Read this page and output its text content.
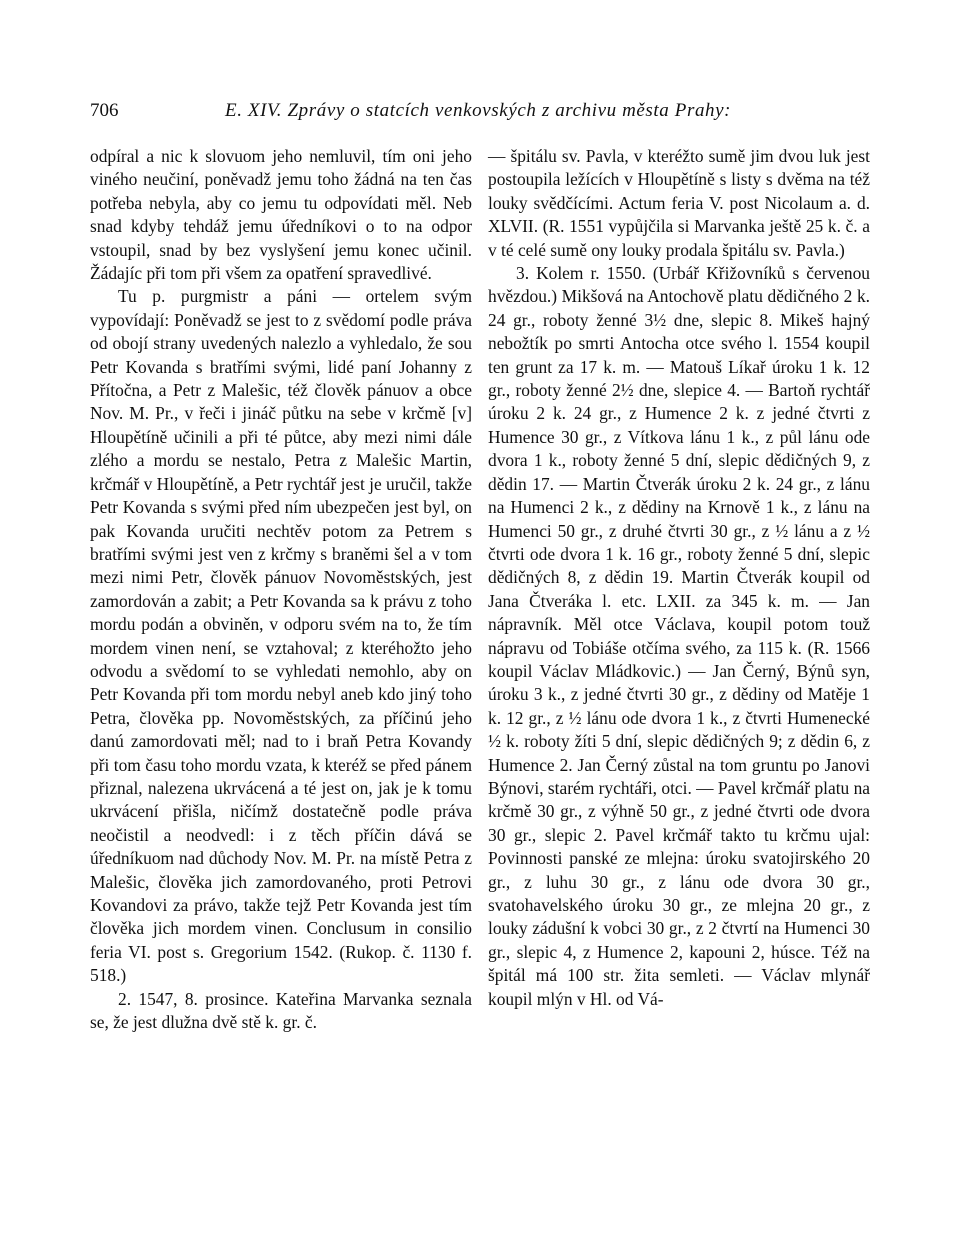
706	E. XIV. Zprávy o statcích venkovských z archivu města Prahy:

odpíral a nic k slovuom jeho nemluvil, tím oni jeho viného neučiní, poněvadž jemu toho žádná na ten čas potřeba nebyla, aby co jemu tu odpovídati měl. Neb snad kdyby tehdáž jemu úředníkovi o to na odpor vstoupil, snad by bez vyslyšení jemu konec učinil. Žádajíc při tom při všem za opatření spravedlivé.

Tu p. purgmistr a páni — ortelem svým vypovídají: Poněvadž se jest to z svědomí podle práva od obojí strany uvedených nalezlo a vyhledalo, že sou Petr Kovanda s bratřími svými, lidé paní Johanny z Přítočna, a Petr z Malešic, též člověk pánuov a obce Nov. M. Pr., v řeči i jináč půtku na sebe v krčmě [v] Hloupětíně učinili a při té půtce, aby mezi nimi dále zlého a mordu se nestalo, Petra z Malešic Martin, krčmář v Hloupětíně, a Petr rychtář jest je uručil, takže Petr Kovanda s svými před ním ubezpečen jest byl, on pak Kovanda uručiti nechtěv potom za Petrem s bratřími svými jest ven z krčmy s braněmi šel a v tom mezi nimi Petr, člověk pánuov Novoměstských, jest zamordován a zabit; a Petr Kovanda sa k právu z toho mordu podán a obviněn, v odporu svém na to, že tím mordem vinen není, se vztahoval; z kteréhožto jeho odvodu a svědomí to se vyhledati nemohlo, aby on Petr Kovanda při tom mordu nebyl aneb kdo jiný toho Petra, člověka pp. Novoměstských, za příčinú jeho danú zamordovati měl; nad to i braň Petra Kovandy při tom času toho mordu vzata, k kteréž se před pánem přiznal, nalezena ukrvácená a té jest on, jak je k tomu ukrvácení přišla, ničímž dostatečně podle práva neočistil a neodvedl: i z těch příčin dává se úředníkuom nad důchody Nov. M. Pr. na místě Petra z Malešic, člověka jich zamordovaného, proti Petrovi Kovandovi za právo, takže tejž Petr Kovanda jest tím člověka jich mordem vinen. Conclusum in consilio feria VI. post s. Gregorium 1542. (Rukop. č. 1130 f. 518.)

2. 1547, 8. prosince. Kateřina Marvanka seznala se, že jest dlužna dvě stě k. gr. č.

— špitálu sv. Pavla, v kteréžto sumě jim dvou luk jest postoupila ležících v Hloupětíně s listy s dvěma na též louky svědčícími. Actum feria V. post Nicolaum a. d. XLVII. (R. 1551 vypůjčila si Marvanka ještě 25 k. č. a v té celé sumě ony louky prodala špitálu sv. Pavla.)

3. Kolem r. 1550. (Urbář Křižovníků s červenou hvězdou.) Mikšová na Antochově platu dědičného 2 k. 24 gr., roboty ženné 3½ dne, slepic 8. Mikeš hajný nebožtík po smrti Antocha otce svého l. 1554 koupil ten grunt za 17 k. m. — Matouš Líkař úroku 1 k. 12 gr., roboty ženné 2½ dne, slepice 4. — Bartoň rychtář úroku 2 k. 24 gr., z Humence 2 k. z jedné čtvrti z Humence 30 gr., z Vítkova lánu 1 k., z půl lánu ode dvora 1 k., roboty ženné 5 dní, slepic dědičných 9, z dědin 17. — Martin Čtverák úroku 2 k. 24 gr., z lánu na Humenci 2 k., z dědiny na Krnově 1 k., z lánu na Humenci 50 gr., z druhé čtvrti 30 gr., z ½ lánu a z ½ čtvrti ode dvora 1 k. 16 gr., roboty ženné 5 dní, slepic dědičných 8, z dědin 19. Martin Čtverák koupil od Jana Čtveráka l. etc. LXII. za 345 k. m. — Jan nápravník. Měl otce Václava, koupil potom touž nápravu od Tobiáše otčíma svého, za 115 k. (R. 1566 koupil Václav Mládkovic.) — Jan Černý, Býnů syn, úroku 3 k., z jedné čtvrti 30 gr., z dědiny od Matěje 1 k. 12 gr., z ½ lánu ode dvora 1 k., z čtvrti Humenecké ½ k. roboty žíti 5 dní, slepic dědičných 9; z dědin 6, z Humence 2. Jan Černý zůstal na tom gruntu po Janovi Býnovi, starém rychtáři, otci. — Pavel krčmář platu na krčmě 30 gr., z výhně 50 gr., z jedné čtvrti ode dvora 30 gr., slepic 2. Pavel krčmář takto tu krčmu ujal: Povinnosti panské ze mlejna: úroku svatojirského 20 gr., z luhu 30 gr., z lánu ode dvora 30 gr., svatohavelského úroku 30 gr., ze mlejna 20 gr., z louky zádušní k vobci 30 gr., z 2 čtvrtí na Humenci 30 gr., slepic 4, z Humence 2, kapouni 2, húsce. Též na špitál má 100 str. žita semleti. — Václav mlynář koupil mlýn v Hl. od Vá-
